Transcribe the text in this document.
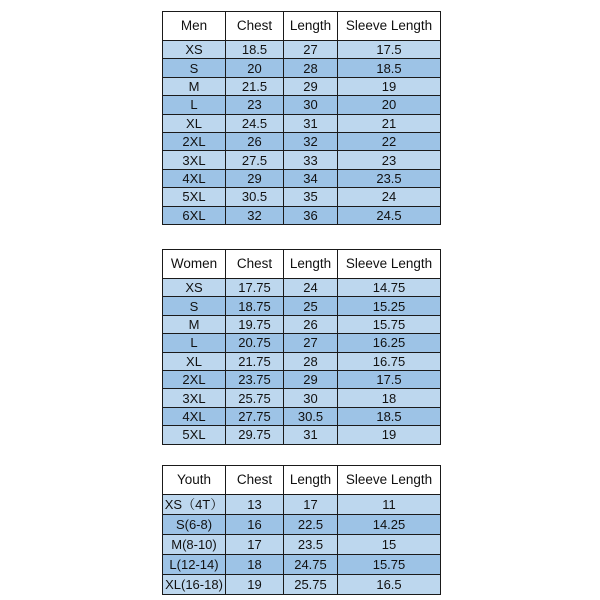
Men	Chest	Length	Sleeve Length
XS	18.5	27	17.5
S	20	28	18.5
M	21.5	29	19
L	23	30	20
XL	24.5	31	21
2XL	26	32	22
3XL	27.5	33	23
4XL	29	34	23.5
5XL	30.5	35	24
6XL	32	36	24.5
Women	Chest	Length	Sleeve Length
XS	17.75	24	14.75
S	18.75	25	15.25
M	19.75	26	15.75
L	20.75	27	16.25
XL	21.75	28	16.75
2XL	23.75	29	17.5
3XL	25.75	30	18
4XL	27.75	30.5	18.5
5XL	29.75	31	19
Youth	Chest	Length	Sleeve Length
XS（4T）	13	17	11
S(6-8)	16	22.5	14.25
M(8-10)	17	23.5	15
L(12-14)	18	24.75	15.75
XL(16-18)	19	25.75	16.5
